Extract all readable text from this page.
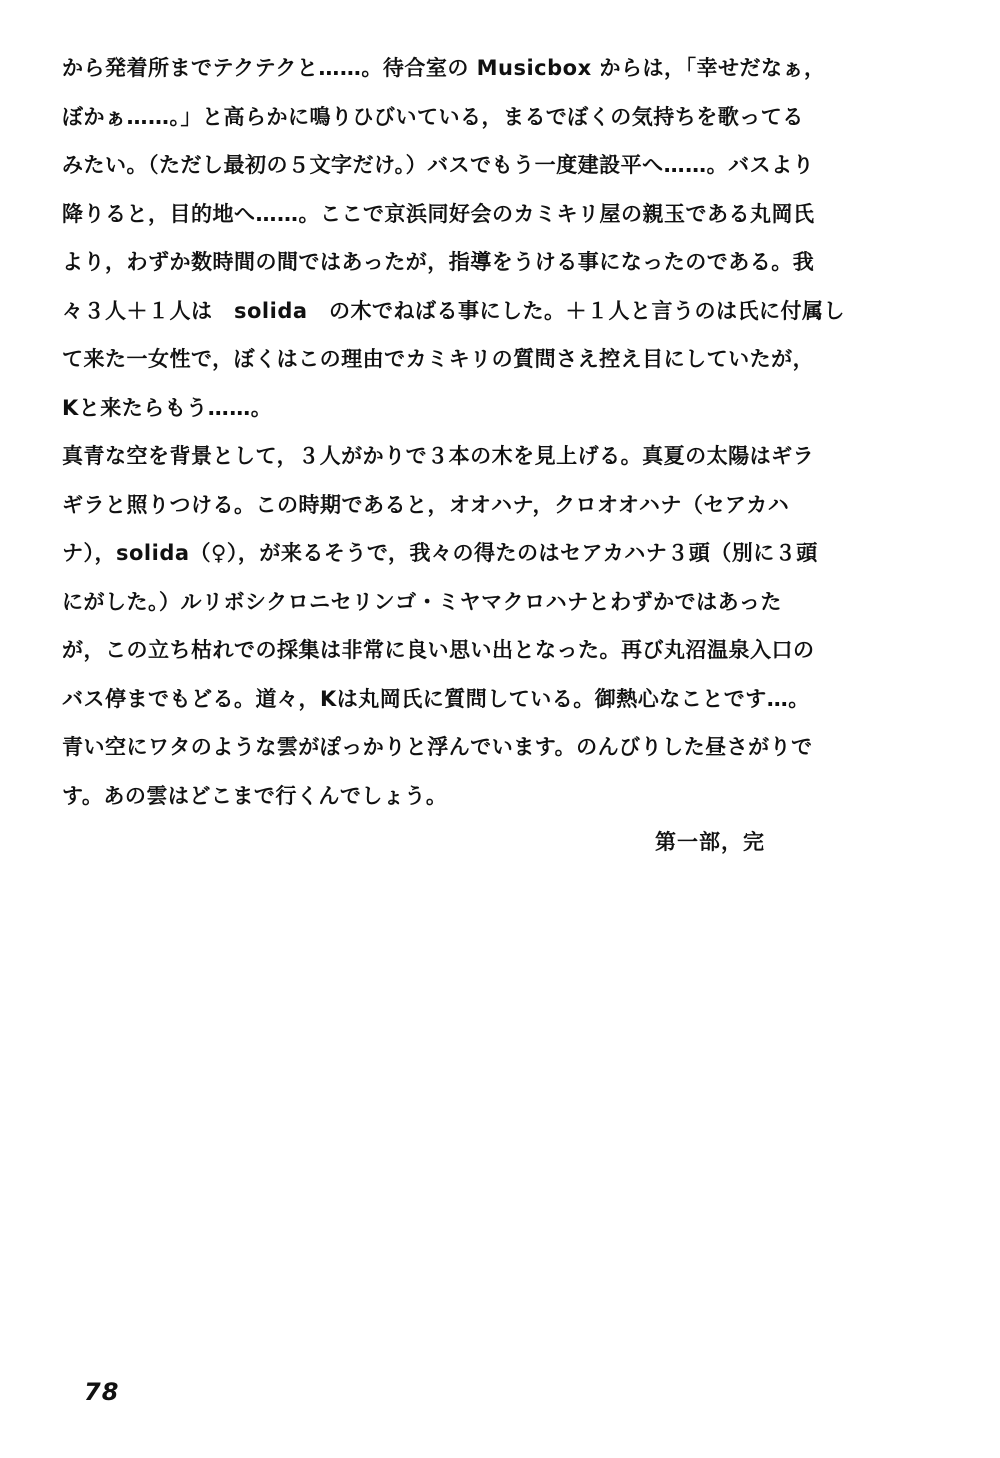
から発着所までテクテクと……。待合室の Musicbox からは，「幸せだなぁ，
ぼかぁ……。」と高らかに鳴りひびいている，まるでぼくの気持ちを歌ってる
みたい。（ただし最初の５文字だけ。）バスでもう一度建設平へ……。バスより
降りると，目的地へ……。ここで京浜同好会のカミキリ屋の親玉である丸岡氏
より，わずか数時間の間ではあったが，指導をうける事になったのである。我
々３人＋１人は　solida　の木でねばる事にした。＋１人と言うのは氏に付属し
て来た一女性で，ぼくはこの理由でカミキリの質問さえ控え目にしていたが，
Kと来たらもう……。
真青な空を背景として，３人がかりで３本の木を見上げる。真夏の太陽はギラ
ギラと照りつける。この時期であると，オオハナ，クロオオハナ（セアカハ
ナ），solida（♀），が来るそうで，我々の得たのはセアカハナ３頭（別に３頭
にがした。）ルリボシクロニセリンゴ・ミヤマクロハナとわずかではあった
が，この立ち枯れでの採集は非常に良い思い出となった。再び丸沼温泉入口の
バス停までもどる。道々，Kは丸岡氏に質問している。御熱心なことです…。
青い空にワタのような雲がぽっかりと浮んでいます。のんびりした昼さがりで
す。あの雲はどこまで行くんでしょう。
第一部，完
78
